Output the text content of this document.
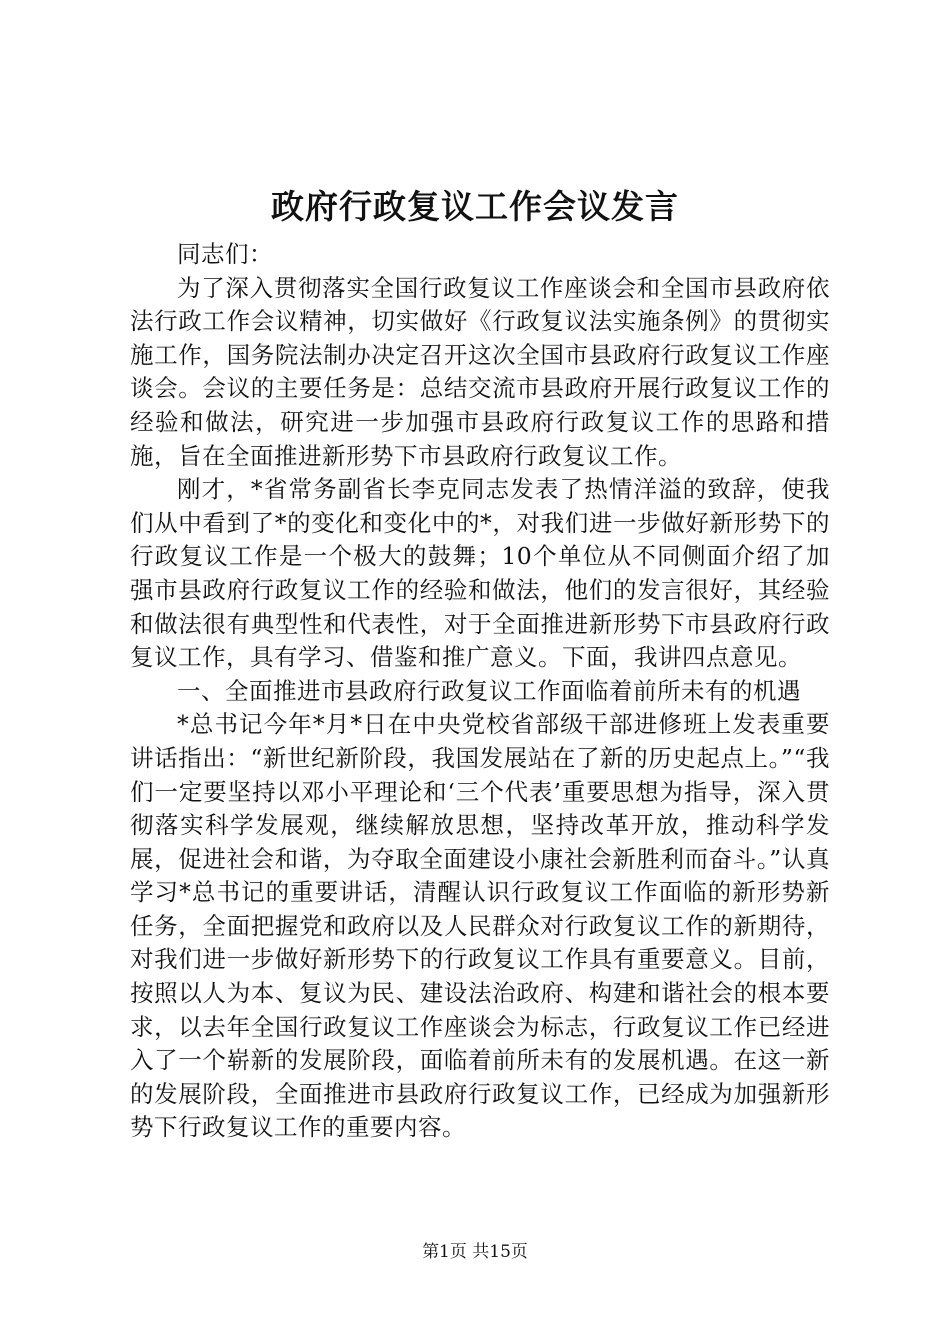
政府行政复议工作会议发言

同志们：

为了深入贯彻落实全国行政复议工作座谈会和全国市县政府依法行政工作会议精神，切实做好《行政复议法实施条例》的贯彻实施工作，国务院法制办决定召开这次全国市县政府行政复议工作座谈会。会议的主要任务是：总结交流市县政府开展行政复议工作的经验和做法，研究进一步加强市县政府行政复议工作的思路和措施，旨在全面推进新形势下市县政府行政复议工作。

刚才，*省常务副省长李克同志发表了热情洋溢的致辞，使我们从中看到了*的变化和变化中的*，对我们进一步做好新形势下的行政复议工作是一个极大的鼓舞；10个单位从不同侧面介绍了加强市县政府行政复议工作的经验和做法，他们的发言很好，其经验和做法很有典型性和代表性，对于全面推进新形势下市县政府行政复议工作，具有学习、借鉴和推广意义。下面，我讲四点意见。

一、全面推进市县政府行政复议工作面临着前所未有的机遇

*总书记今年*月*日在中央党校省部级干部进修班上发表重要讲话指出：“新世纪新阶段，我国发展站在了新的历史起点上。”“我们一定要坚持以邓小平理论和‘三个代表’重要思想为指导，深入贯彻落实科学发展观，继续解放思想，坚持改革开放，推动科学发展，促进社会和谐，为夺取全面建设小康社会新胜利而奋斗。”认真学习*总书记的重要讲话，清醒认识行政复议工作面临的新形势新任务，全面把握党和政府以及人民群众对行政复议工作的新期待，对我们进一步做好新形势下的行政复议工作具有重要意义。目前，按照以人为本、复议为民、建设法治政府、构建和谐社会的根本要求，以去年全国行政复议工作座谈会为标志，行政复议工作已经进入了一个崭新的发展阶段，面临着前所未有的发展机遇。在这一新的发展阶段，全面推进市县政府行政复议工作，已经成为加强新形势下行政复议工作的重要内容。

第1页 共15页
